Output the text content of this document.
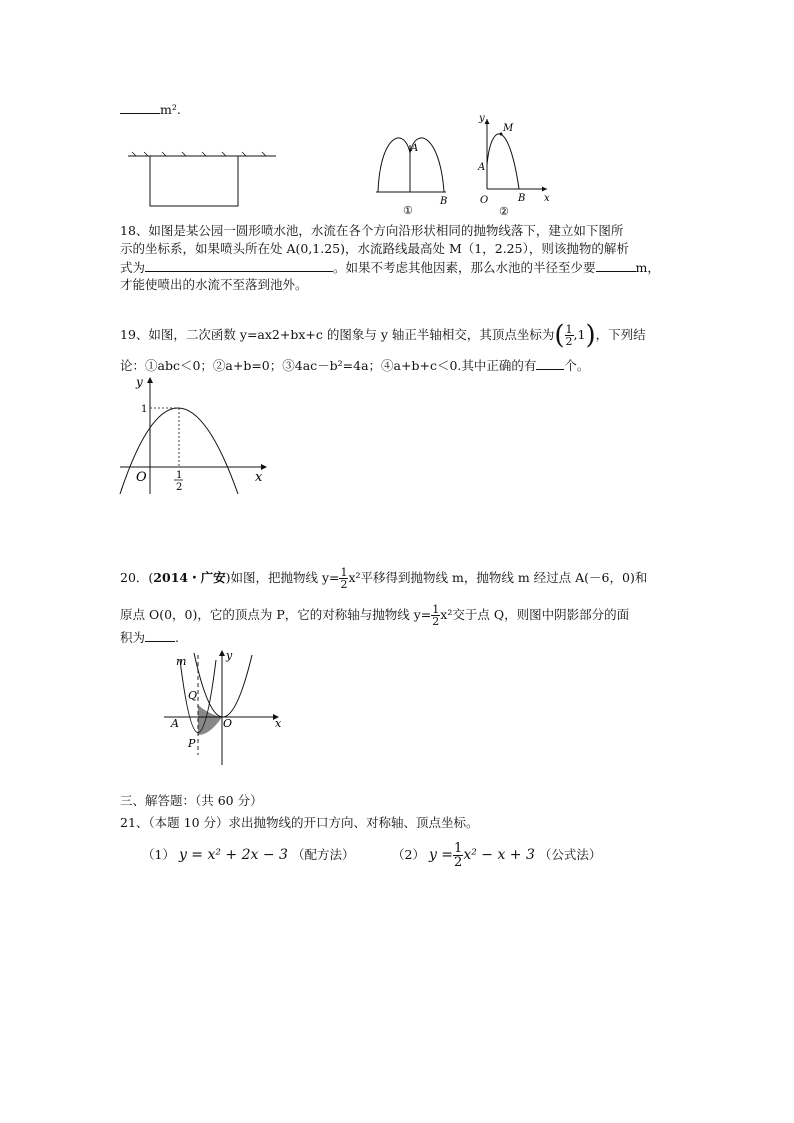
m².
A
B
①
y
M
A
O	B x
②
18、如图是某公园一圆形喷水池，水流在各个方向沿形状相同的抛物线落下，建立如下图所
示的坐标系，如果喷头所在处 A(0,1.25)，水流路线最高处 M（1，2.25），则该抛物的解析
式为	。如果不考虑其他因素，那么水池的半径至少要	m，
才能使喷出的水流不至落到池外。
19、如图，二次函数 y=ax2+bx+c 的图象与 y 轴正半轴相交，其顶点坐标为( $\frac{1}{2} ,1$)，下列结
论：①abc＜0；②a+b=0；③4ac－b²=4a；④a+b+c＜0.其中正确的有 个。
y
1
O	x
1
2
20．(2014・广安)如图，把抛物线 $y= \frac{1}{2} x^2$平移得到抛物线 m，抛物线 m 经过点 A(－6，0)和
原点 O(0，0)，它的顶点为 P，它的对称轴与抛物线 $y= \frac{1}{2} x^2$交于点 Q，则图中阴影部分的面
积为 .
m	y
Q
A	O
P
x
三、解答题：（共 60 分）
21、（本题 10 分）求出抛物线的开口方向、对称轴、顶点坐标。
（1） y = x² + 2x − 3 （配方法）	（2） $y = \frac{1}{2} x^2 - x + 3$ （公式法）
